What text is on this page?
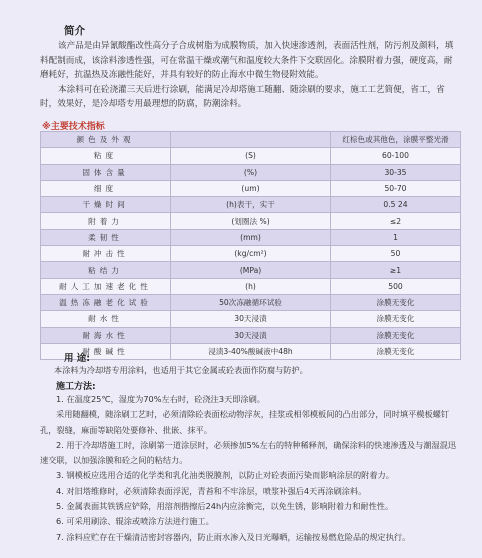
简介

该产品是由异氰酸酯改性高分子合成树脂为成膜物质，加入快速渗透剂，表面活性剂，防污剂及颜料，填料配制而成，该涂料渗透性强，可在常温干燥或潮气和温度较大条件下交联固化。涂膜附着力强，硬度高，耐磨耗好，抗温热及冻融性能好，并具有较好的防止海水中微生物侵附效能。

本涂料可在砼浇灌三天后进行涂刷，能满足冷却塔施工随翻、随涂刷的要求，施工工艺简便，省工，省时，效果好，是冷却塔专用最理想的防腐，防潮涂料。

※主要技术指标
颜色及外观		红棕色或其他色，涂膜平整光滑
粘度	(S)	60-100
固体含量	(%)	30-35
细度	(um)	50-70
干燥时间	(h)表干，实干	0.5 24
附着力	(划圈法 %)	≤2
柔韧性	(mm)	1
耐冲击性	(kg/cm²)	50
粘结力	(MPa)	≥1
耐人工加速老化性	(h)	500
温热冻融老化试验	50次冻融循环试验	涂膜无变化
耐水性	30天浸渍	涂膜无变化
耐海水性	30天浸渍	涂膜无变化
耐酸碱性	浸渍3-40%酸碱液中48h	涂膜无变化
用 途:
本涂料为冷却塔专用涂料，也适用于其它金属或砼表面作防腐与防护。
施工方法:

1. 在温度25℃，湿度为70%左右时，砼浇注3天即涂刷。

采用随翻模，随涂刷工艺时，必须清除砼表面松动物浮灰，挂浆或相邻模板间的凸出部分，同时填平模板螺钉孔，裂缝，麻面等缺陷处要修补、批嵌、抹平。

2. 用于冷却塔施工时，涂刷第一道涂层时，必须掺加5%左右的特种稀释剂，确保涂料的快速渗透及与潮湿混迅速交联，以加强涂膜和砼之间的粘结力。

3. 钢模板应选用合适的化学类和乳化油类脱膜剂，以防止对砼表面污染而影响涂层的附着力。

4. 对旧塔维修时，必须清除表面浮泥，青苔和不牢涂层，喷浆补强后4天再涂刷涂料。

5. 金属表面其铁锈应铲除，用溶剂揩擦后24h内应涂衡完，以免生锈，影响附着力和耐性性。

6. 可采用刷涂、辊涂或喷涂方法进行施工。

7. 涂料应贮存在干燥清洁密封容器内，防止雨水渗入及日光曝晒，运输按易燃危险品的规定执行。
